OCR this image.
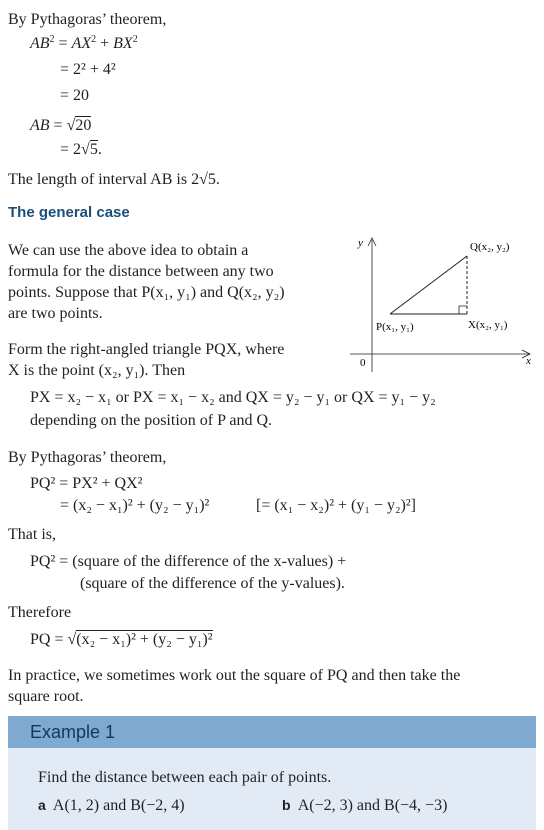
By Pythagoras’ theorem,
$AB^2 = AX^2 + BX^2$
= 2² + 4²
= 20
AB = √20
= 2√5.
The length of interval AB is 2√5.
The general case
We can use the above idea to obtain a
formula for the distance between any two
points. Suppose that P(x₁, y₁) and Q(x₂, y₂)
are two points.
Form the right-angled triangle PQX, where
X is the point (x₂, y₁). Then
y
x
0
Q(x₂, y₂)
P(x₁, y₁)	X(x₂, y₁)
PX = x₂ − x₁ or PX = x₁ − x₂ and QX = y₂ − y₁ or QX = y₁ − y₂
depending on the position of P and Q.
By Pythagoras’ theorem,
PQ² = PX² + QX²
= (x₂ − x₁)² + (y₂ − y₁)²	[= (x₁ − x₂)² + (y₁ − y₂)²]
That is,
PQ² = (square of the difference of the x-values) +
(square of the difference of the y-values).
Therefore
PQ = √(x₂ − x₁)² + (y₂ − y₁)²
In practice, we sometimes work out the square of PQ and then take the
square root.
Example 1
Find the distance between each pair of points.
a A(1, 2) and B(−2, 4)	b A(−2, 3) and B(−4, −3)
